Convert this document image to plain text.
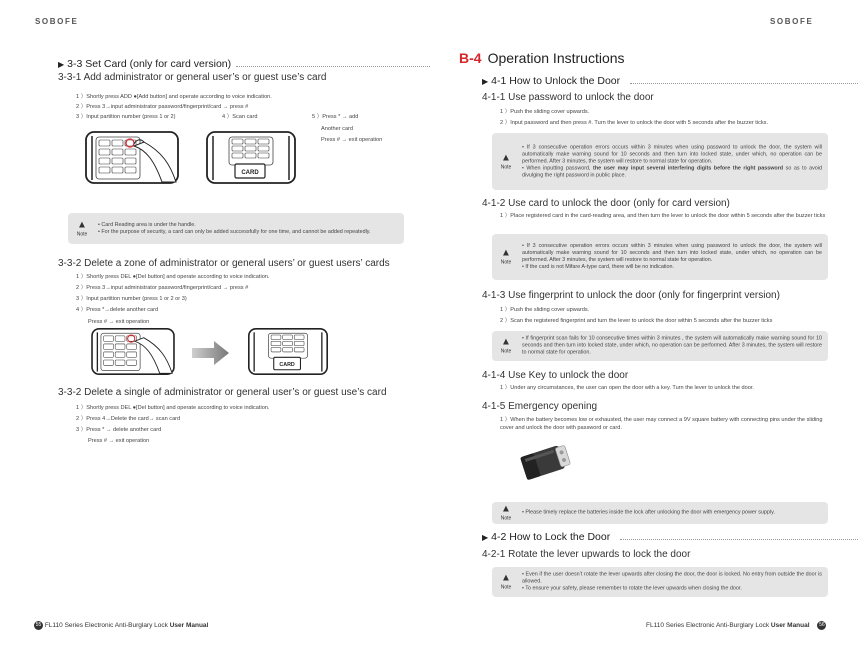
SOBOFE	SOBOFE
▶ 3-3 Set Card (only for card version)
3-3-1 Add administrator or general user’s or guest use’s card
1 ）Shortly press ADD ●[Add button] and operate according to voice indication.
2 ）Press 3→input administrator password/fingerprint/card → press #
3 ）Input partition number (press 1 or 2)	4 ）Scan card	5 ）Press * → add
Another card
Press # → exit operation
CARD
▲
Note
• Card Reading area is under the handle.
• For the purpose of security, a card can only be added successfully for one time, and cannot be added repeatedly.
3-3-2 Delete a zone of administrator or general users’ or guest users’ cards
1 ）Shortly press DEL ●[Del button] and operate according to voice indication.
2 ）Press 3→input administrator password/fingerprint/card → press #
3 ）Input partition number (press 1 or 2 or 3)
4 ）Press *→delete another card
Press # → exit operation
CARD
3-3-2 Delete a single of administrator or general user’s or guest use’s card
1 ）Shortly press DEL ●[Del button] and operate according to voice indication.
2 ）Press 4→Delete the card→ scan card
3 ）Press * → delete another card
Press # → exit operation
55 FL110 Series Electronic Anti-Burglary Lock User Manual
B-4 Operation Instructions
▶ 4-1 How to Unlock the Door
4-1-1 Use password to unlock the door
1 ）Push the sliding cover upwards.
2 ）Input password and then press #. Turn the lever to unlock the door with 5 seconds after the buzzer ticks.
▲
Note
• If 3 consecutive operation errors occurs within 3 minutes when using password to unlock the door, the system will automatically make warning sound for 10 seconds and then turn into locked state, under which, no operation can be performed. After 3 minutes, the system will restore to normal state for operation.
• When inputting password, the user may input several interfering digits before the right password so as to avoid divulging the right password in public place.
4-1-2 Use card to unlock the door (only for card version)
1 ）Place registered card in the card-reading area, and then turn the lever to unlock the door within 5 seconds after the buzzer ticks
▲
Note
• If 3 consecutive operation errors occurs within 3 minutes when using password to unlock the door, the system will automatically make warning sound for 10 seconds and then turn into locked state, under which, no operation can be performed. After 3 minutes, the system will restore to normal state for operation.
• If the card is not Mifare A-type card, there will be no indication.
4-1-3 Use fingerprint to unlock the door (only for fingerprint version)
1 ）Push the sliding cover upwards.
2 ）Scan the registered fingerprint and turn the lever to unlock the door within 5 seconds after the buzzer ticks
▲
Note
• If fingerprint scan fails for 10 consecutive times within 3 minutes , the system will automatically make warning sound for 10 seconds and then turn into locked state, under which, no operation can be performed. After 3 minutes, the system will restore to normal state for operation.
4-1-4 Use Key to unlock the door
1 ）Under any circumstances, the user can open the door with a key. Turn the lever to unlock the door.
4-1-5 Emergency opening
1 ）When the battery becomes low or exhausted, the user may connect a 9V square battery with connecting pins under the sliding cover and unlock the door with password or card.
▲
Note
• Please timely replace the batteries inside the lock after unlocking the door with emergency power supply.
▶ 4-2 How to Lock the Door
4-2-1 Rotate the lever upwards to lock the door
▲
Note
• Even if the user doesn’t rotate the lever upwards after closing the door, the door is locked. No entry from outside the door is allowed.
• To ensure your safety, please remember to rotate the lever upwards when closing the door.
FL110 Series Electronic Anti-Burglary Lock User Manual 56
